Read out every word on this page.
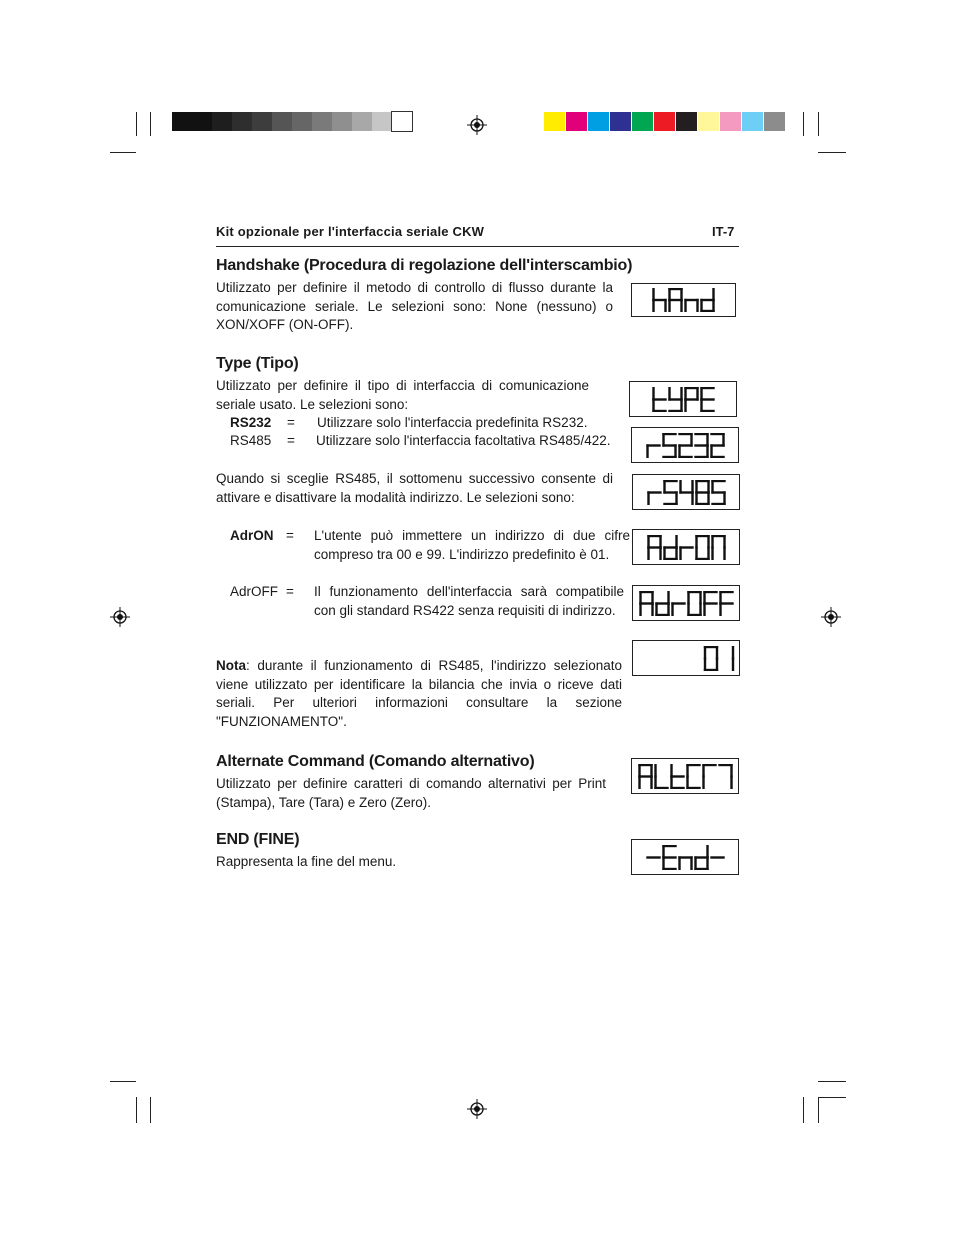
Kit opzionale per l'interfaccia seriale CKW	IT-7
Handshake (Procedura di regolazione dell'interscambio)

Utilizzato per definire il metodo di controllo di flusso durante la comunicazione seriale. Le selezioni sono: None (nessuno) o XON/XOFF (ON-OFF).

Type (Tipo)

Utilizzato per definire il tipo di interfaccia di comunicazione seriale usato. Le selezioni sono:

RS232 = Utilizzare solo l'interfaccia predefinita RS232.
RS485 = Utilizzare solo l'interfaccia facoltativa RS485/422.

Quando si sceglie RS485, il sottomenu successivo consente di attivare e disattivare la modalità indirizzo. Le selezioni sono:

AdrON = L'utente può immettere un indirizzo di due cifre compreso tra 00 e 99. L'indirizzo predefinito è 01.
AdrOFF = Il funzionamento dell'interfaccia sarà compatibile con gli standard RS422 senza requisiti di indirizzo.

Nota: durante il funzionamento di RS485, l'indirizzo selezionato viene utilizzato per identificare la bilancia che invia o riceve dati seriali. Per ulteriori informazioni consultare la sezione "FUNZIONAMENTO".

Alternate Command (Comando alternativo)

Utilizzato per definire caratteri di comando alternativi per Print (Stampa), Tare (Tara) e Zero (Zero).

END (FINE)

Rappresenta la fine del menu.
